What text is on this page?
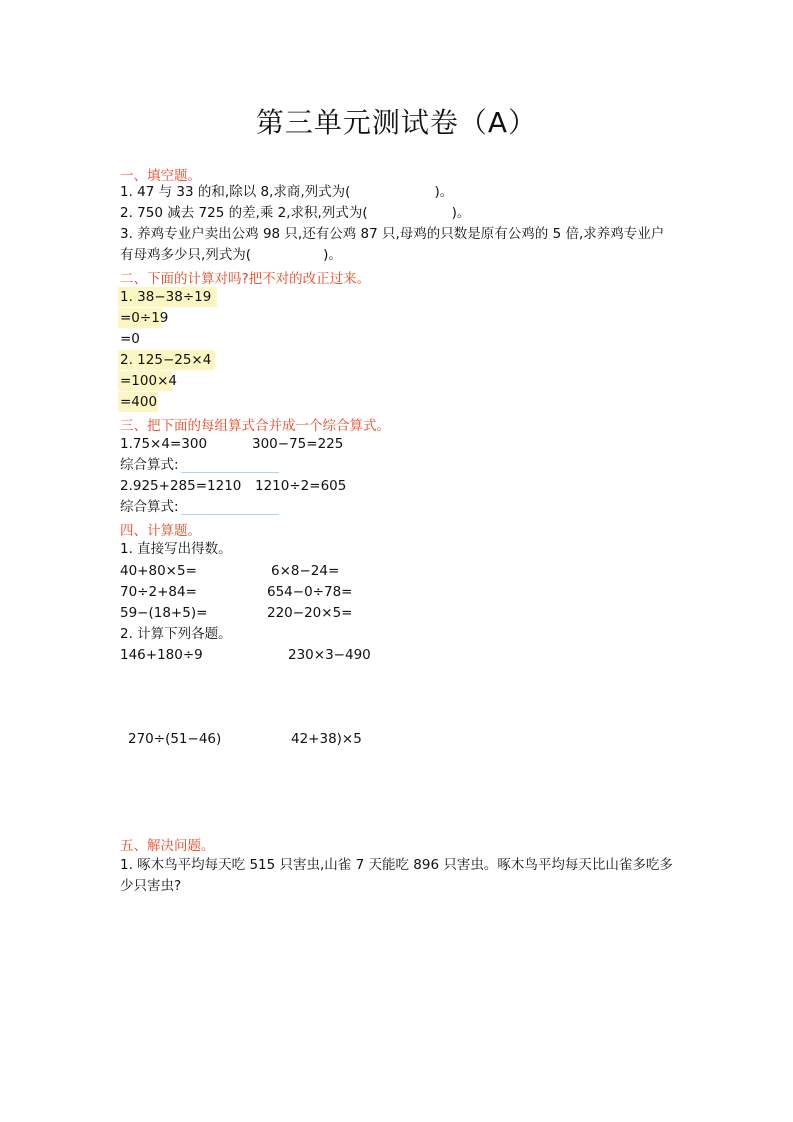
第三单元测试卷（A）
一、填空题。
1. 47 与 33 的和,除以 8,求商,列式为(	)。
2. 750 减去 725 的差,乘 2,求积,列式为(	)。
3. 养鸡专业户卖出公鸡 98 只,还有公鸡 87 只,母鸡的只数是原有公鸡的 5 倍,求养鸡专业户
有母鸡多少只,列式为(	)。
二、下面的计算对吗?把不对的改正过来。
1. 38−38÷19
=0÷19
=0
2. 125−25×4
=100×4
=400
三、把下面的每组算式合并成一个综合算式。
1.75×4=300	300−75=225
综合算式:
2.925+285=1210 1210÷2=605
综合算式:
四、计算题。
1. 直接写出得数。
40+80×5=	6×8−24=
70÷2+84=	654−0÷78=
59−(18+5)=	220−20×5=
2. 计算下列各题。
146+180÷9	230×3−490
270÷(51−46)	42+38)×5
五、解决问题。
1. 啄木鸟平均每天吃 515 只害虫,山雀 7 天能吃 896 只害虫。啄木鸟平均每天比山雀多吃多
少只害虫?
